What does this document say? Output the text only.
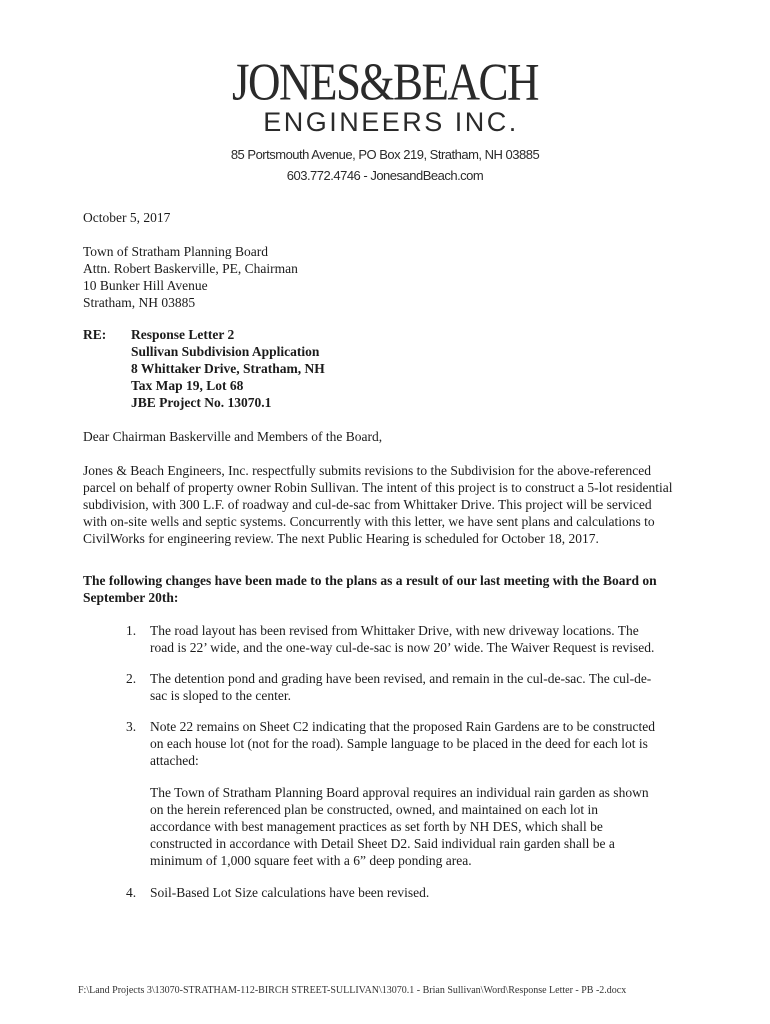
JONES&BEACH
ENGINEERS INC.
85 Portsmouth Avenue, PO Box 219, Stratham, NH 03885
603.772.4746 - JonesandBeach.com
October 5, 2017
Town of Stratham Planning Board
Attn. Robert Baskerville, PE, Chairman
10 Bunker Hill Avenue
Stratham, NH 03885
RE: Response Letter 2
Sullivan Subdivision Application
8 Whittaker Drive, Stratham, NH
Tax Map 19, Lot 68
JBE Project No. 13070.1
Dear Chairman Baskerville and Members of the Board,
Jones & Beach Engineers, Inc. respectfully submits revisions to the Subdivision for the above-referenced parcel on behalf of property owner Robin Sullivan. The intent of this project is to construct a 5-lot residential subdivision, with 300 L.F. of roadway and cul-de-sac from Whittaker Drive. This project will be serviced with on-site wells and septic systems. Concurrently with this letter, we have sent plans and calculations to CivilWorks for engineering review. The next Public Hearing is scheduled for October 18, 2017.
The following changes have been made to the plans as a result of our last meeting with the Board on September 20th:
1. The road layout has been revised from Whittaker Drive, with new driveway locations. The road is 22’ wide, and the one-way cul-de-sac is now 20’ wide. The Waiver Request is revised.
2. The detention pond and grading have been revised, and remain in the cul-de-sac. The cul-de-sac is sloped to the center.
3. Note 22 remains on Sheet C2 indicating that the proposed Rain Gardens are to be constructed on each house lot (not for the road). Sample language to be placed in the deed for each lot is attached:
The Town of Stratham Planning Board approval requires an individual rain garden as shown on the herein referenced plan be constructed, owned, and maintained on each lot in accordance with best management practices as set forth by NH DES, which shall be constructed in accordance with Detail Sheet D2. Said individual rain garden shall be a minimum of 1,000 square feet with a 6” deep ponding area.
4. Soil-Based Lot Size calculations have been revised.
F:\Land Projects 3\13070-STRATHAM-112-BIRCH STREET-SULLIVAN\13070.1 - Brian Sullivan\Word\Response Letter - PB -2.docx
